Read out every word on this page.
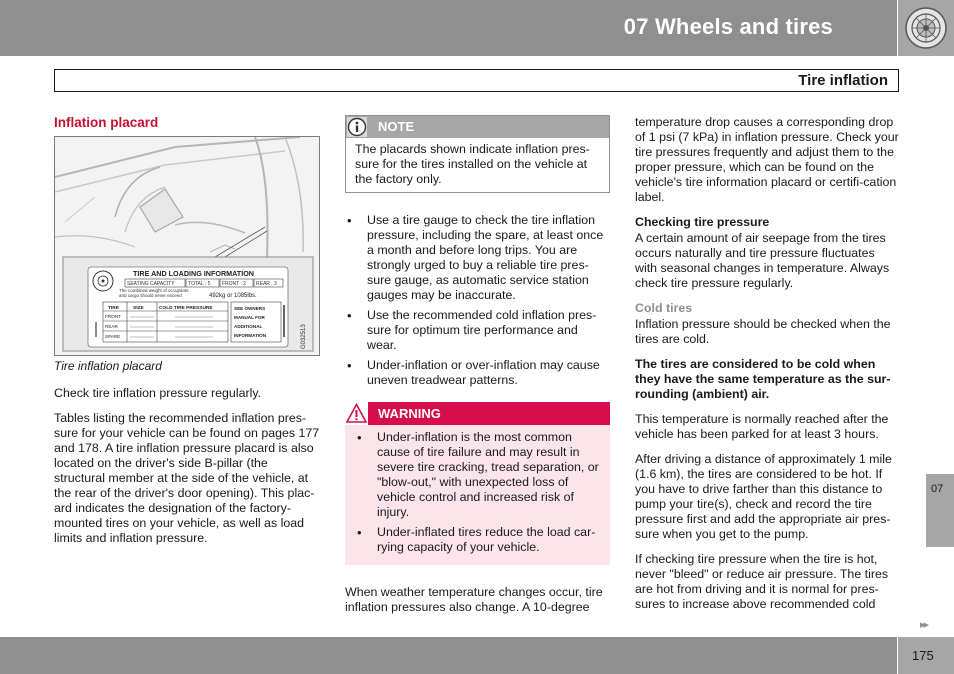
07 Wheels and tires
Tire inflation
Inflation placard
TIRE AND LOADING INFORMATION
SEATING CAPACITY	TOTAL : 5 FRONT : 2 REAR : 3
The combined weight of occupants
and cargo should never exceed	492kg or 1085lbs.
TIRE	SIZE	COLD TIRE PRESSURE
FRONT
REAR
SPARE
SEE OWNERS
MANUAL FOR
ADDITIONAL
INFORMATION	G032513
Tire inflation placard

Check tire inflation pressure regularly.

Tables listing the recommended inflation pres-sure for your vehicle can be found on pages 177 and 178. A tire inflation pressure placard is also located on the driver's side B-pillar (the structural member at the side of the vehicle, at the rear of the driver's door opening). This plac-ard indicates the designation of the factory-mounted tires on your vehicle, as well as load limits and inflation pressure.

NOTE
The placards shown indicate inflation pres-sure for the tires installed on the vehicle at the factory only.
• Use a tire gauge to check the tire inflation pressure, including the spare, at least once a month and before long trips. You are strongly urged to buy a reliable tire pres-sure gauge, as automatic service station gauges may be inaccurate.
• Use the recommended cold inflation pres-sure for optimum tire performance and wear.
• Under-inflation or over-inflation may cause uneven treadwear patterns.
WARNING
• Under-inflation is the most common cause of tire failure and may result in severe tire cracking, tread separation, or "blow-out," with unexpected loss of vehicle control and increased risk of injury.
• Under-inflated tires reduce the load car-rying capacity of your vehicle.

When weather temperature changes occur, tire inflation pressures also change. A 10-degree

temperature drop causes a corresponding drop of 1 psi (7 kPa) in inflation pressure. Check your tire pressures frequently and adjust them to the proper pressure, which can be found on the vehicle's tire information placard or certifi-cation label.

Checking tire pressure

A certain amount of air seepage from the tires occurs naturally and tire pressure fluctuates with seasonal changes in temperature. Always check tire pressure regularly.

Cold tires

Inflation pressure should be checked when the tires are cold.

The tires are considered to be cold when they have the same temperature as the sur-rounding (ambient) air.

This temperature is normally reached after the vehicle has been parked for at least 3 hours.

After driving a distance of approximately 1 mile (1.6 km), the tires are considered to be hot. If you have to drive farther than this distance to pump your tire(s), check and record the tire pressure first and add the appropriate air pres-sure when you get to the pump.

If checking tire pressure when the tire is hot, never "bleed" or reduce air pressure. The tires are hot from driving and it is normal for pres-sures to increase above recommended cold

07
▸▸
175
